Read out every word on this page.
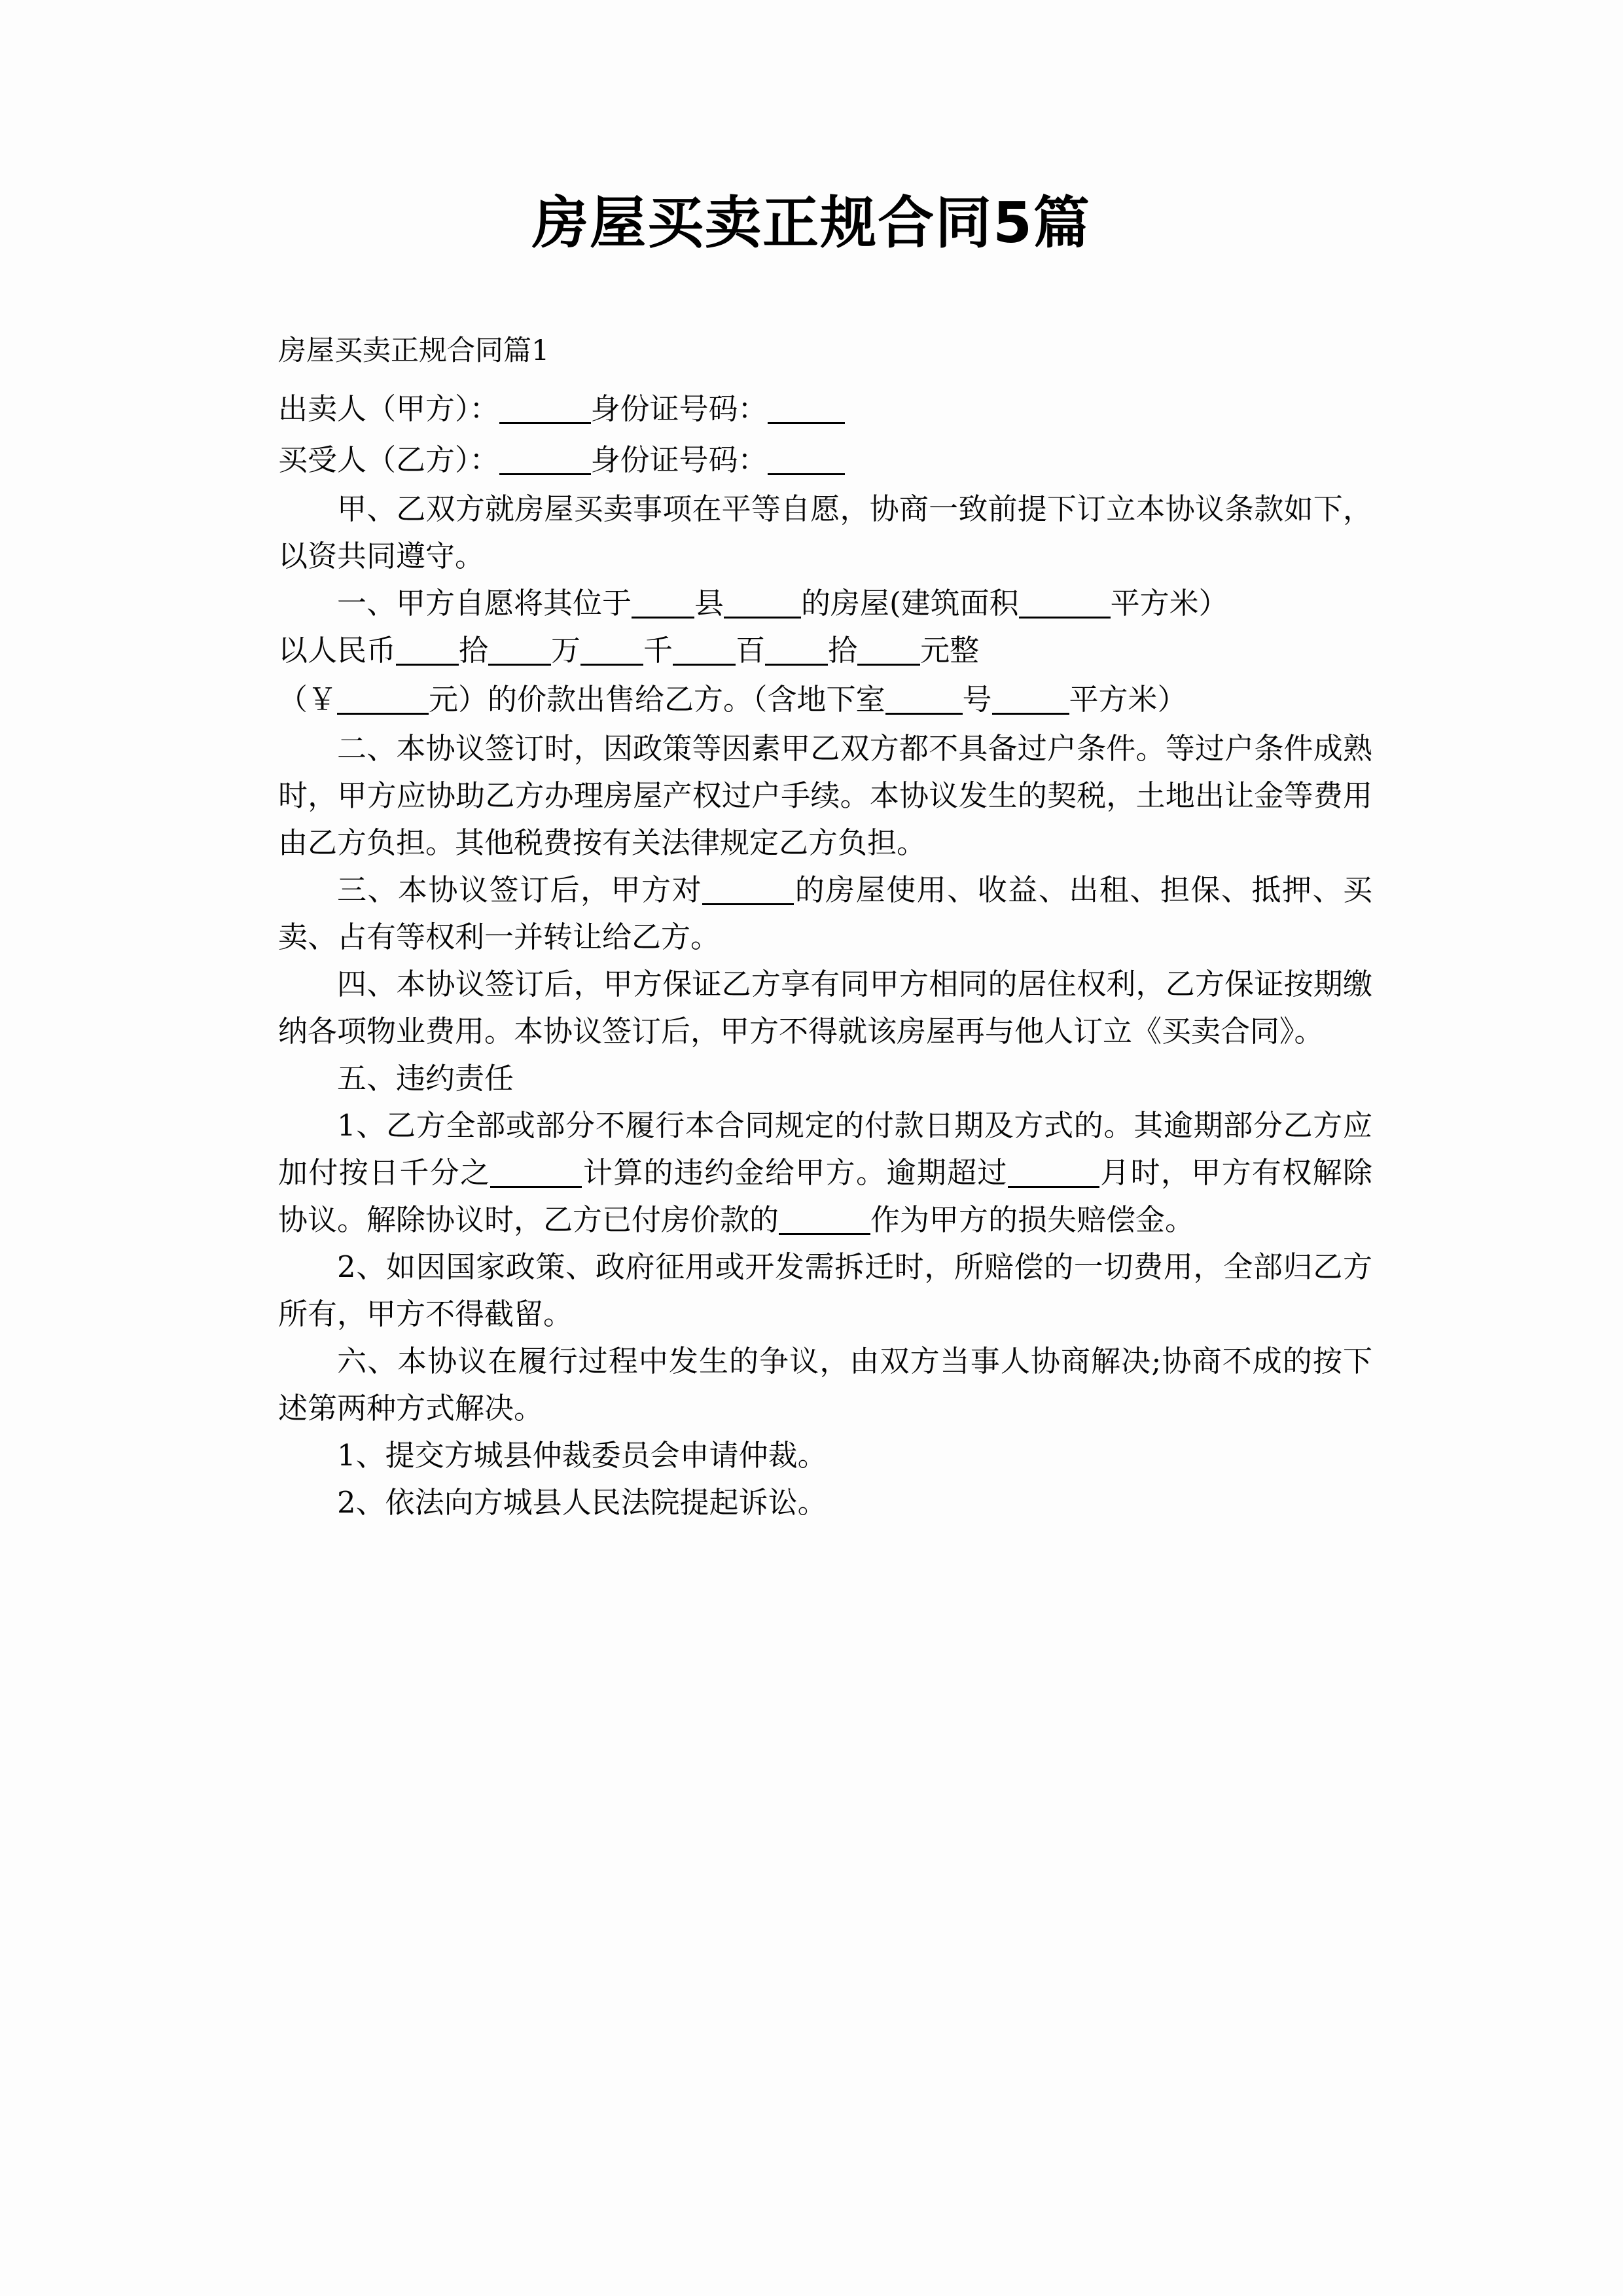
房屋买卖正规合同5篇

房屋买卖正规合同篇1

出卖人（甲方）：	身份证号码：

买受人（乙方）：	身份证号码：

甲、乙双方就房屋买卖事项在平等自愿，协商一致前提下订立本协议条款如下，以资共同遵守。

一、甲方自愿将其位于 县	的房屋(建筑面积	平方米）

以人民币 拾 万 千 百 拾 元整

（￥	元）的价款出售给乙方。（含地下室	号	平方米）

二、本协议签订时，因政策等因素甲乙双方都不具备过户条件。等过户条件成熟时，甲方应协助乙方办理房屋产权过户手续。本协议发生的契税，土地出让金等费用由乙方负担。其他税费按有关法律规定乙方负担。

三、本协议签订后，甲方对	的房屋使用、收益、出租、担保、抵押、买卖、占有等权利一并转让给乙方。

四、本协议签订后，甲方保证乙方享有同甲方相同的居住权利，乙方保证按期缴纳各项物业费用。本协议签订后，甲方不得就该房屋再与他人订立《买卖合同》。

五、违约责任

1、乙方全部或部分不履行本合同规定的付款日期及方式的。其逾期部分乙方应加付按日千分之	计算的违约金给甲方。逾期超过	月时，甲方有权解除协议。解除协议时，乙方已付房价款的	作为甲方的损失赔偿金。

2、如因国家政策、政府征用或开发需拆迁时，所赔偿的一切费用，全部归乙方所有，甲方不得截留。

六、本协议在履行过程中发生的争议，由双方当事人协商解决;协商不成的按下述第两种方式解决。

1、提交方城县仲裁委员会申请仲裁。

2、依法向方城县人民法院提起诉讼。
